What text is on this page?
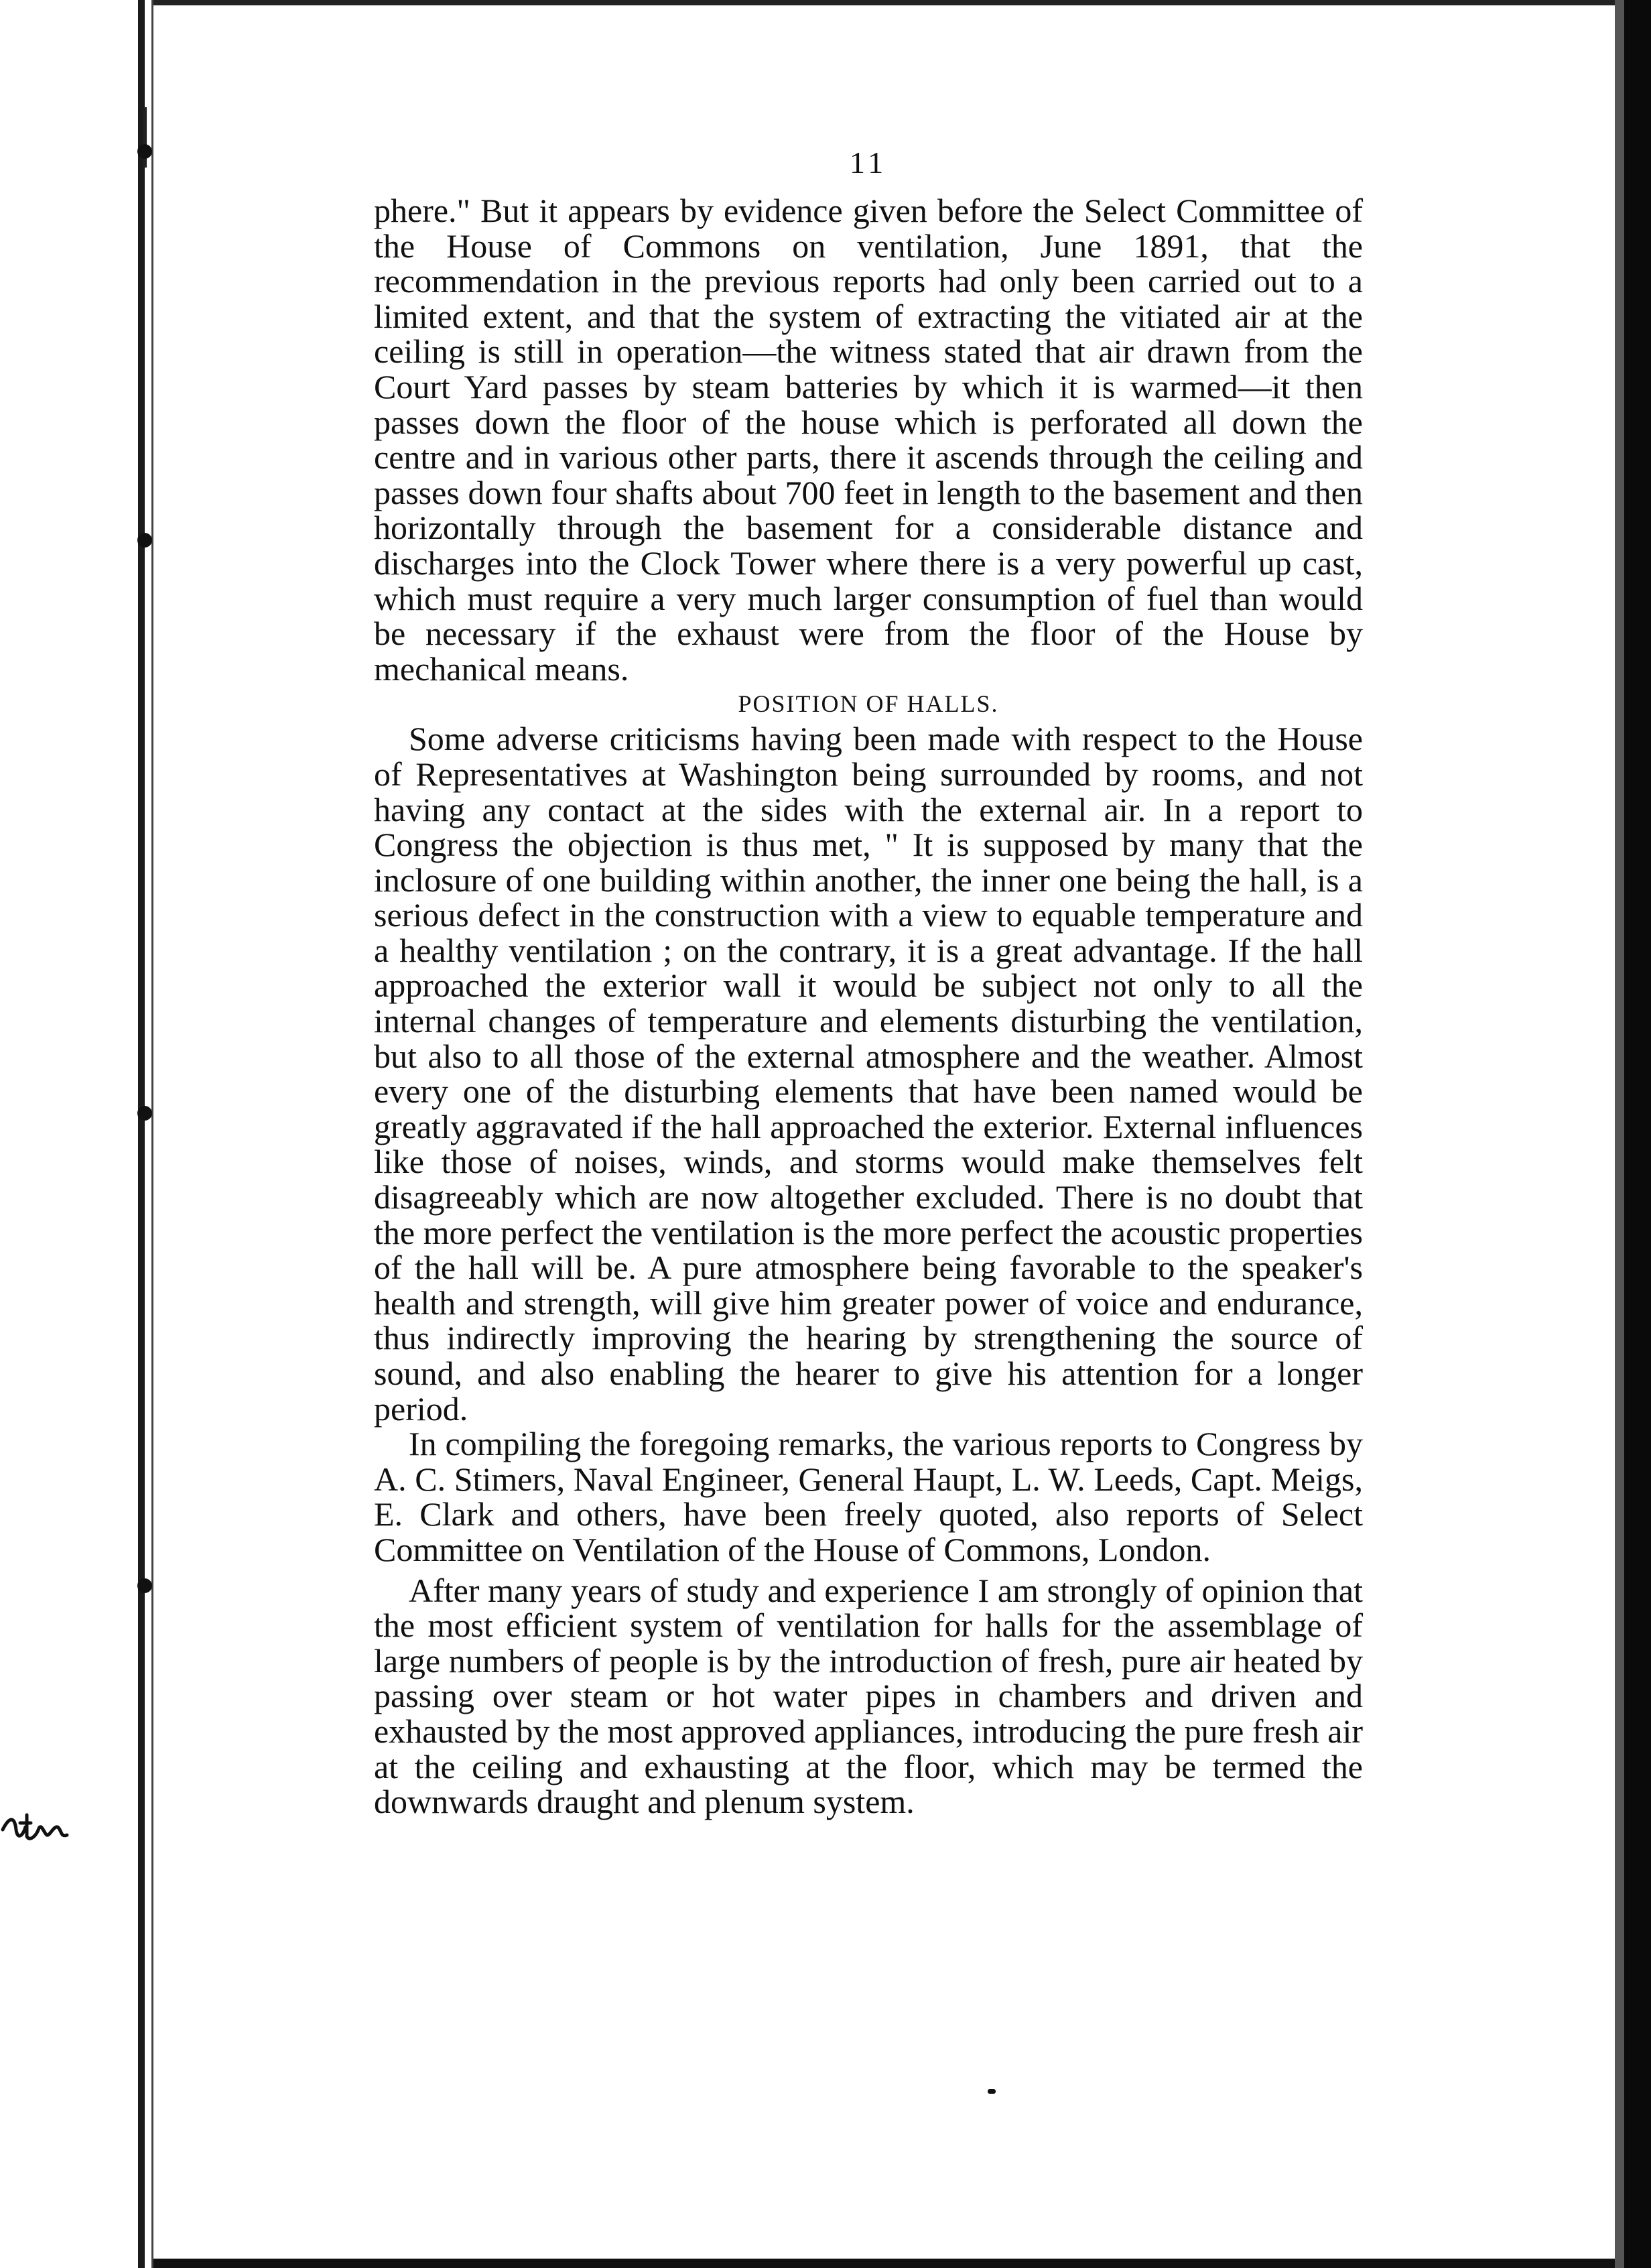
11

phere." But it appears by evidence given before the Select Committee of the House of Commons on ventilation, June 1891, that the recommendation in the previous reports had only been carried out to a limited extent, and that the system of extracting the vitiated air at the ceiling is still in operation—the witness stated that air drawn from the Court Yard passes by steam batteries by which it is warmed—it then passes down the floor of the house which is perforated all down the centre and in various other parts, there it ascends through the ceiling and passes down four shafts about 700 feet in length to the basement and then horizontally through the basement for a considerable distance and discharges into the Clock Tower where there is a very powerful up cast, which must require a very much larger consumption of fuel than would be necessary if the exhaust were from the floor of the House by mechanical means.

POSITION OF HALLS.

Some adverse criticisms having been made with respect to the House of Representatives at Washington being surrounded by rooms, and not having any contact at the sides with the external air. In a report to Congress the objection is thus met, " It is supposed by many that the inclosure of one building within another, the inner one being the hall, is a serious defect in the construction with a view to equable temperature and a healthy ventilation ; on the contrary, it is a great advantage. If the hall approached the exterior wall it would be subject not only to all the internal changes of temperature and elements disturbing the ventilation, but also to all those of the external atmosphere and the weather. Almost every one of the disturbing elements that have been named would be greatly aggravated if the hall approached the exterior. External influences like those of noises, winds, and storms would make themselves felt disagreeably which are now altogether excluded. There is no doubt that the more perfect the ventilation is the more perfect the acoustic properties of the hall will be. A pure atmosphere being favorable to the speaker's health and strength, will give him greater power of voice and endurance, thus indirectly improving the hearing by strengthening the source of sound, and also enabling the hearer to give his attention for a longer period.

In compiling the foregoing remarks, the various reports to Congress by A. C. Stimers, Naval Engineer, General Haupt, L. W. Leeds, Capt. Meigs, E. Clark and others, have been freely quoted, also reports of Select Committee on Ventilation of the House of Commons, London.

After many years of study and experience I am strongly of opinion that the most efficient system of ventilation for halls for the assemblage of large numbers of people is by the introduction of fresh, pure air heated by passing over steam or hot water pipes in chambers and driven and exhausted by the most approved appliances, introducing the pure fresh air at the ceiling and exhausting at the floor, which may be termed the downwards draught and plenum system.
